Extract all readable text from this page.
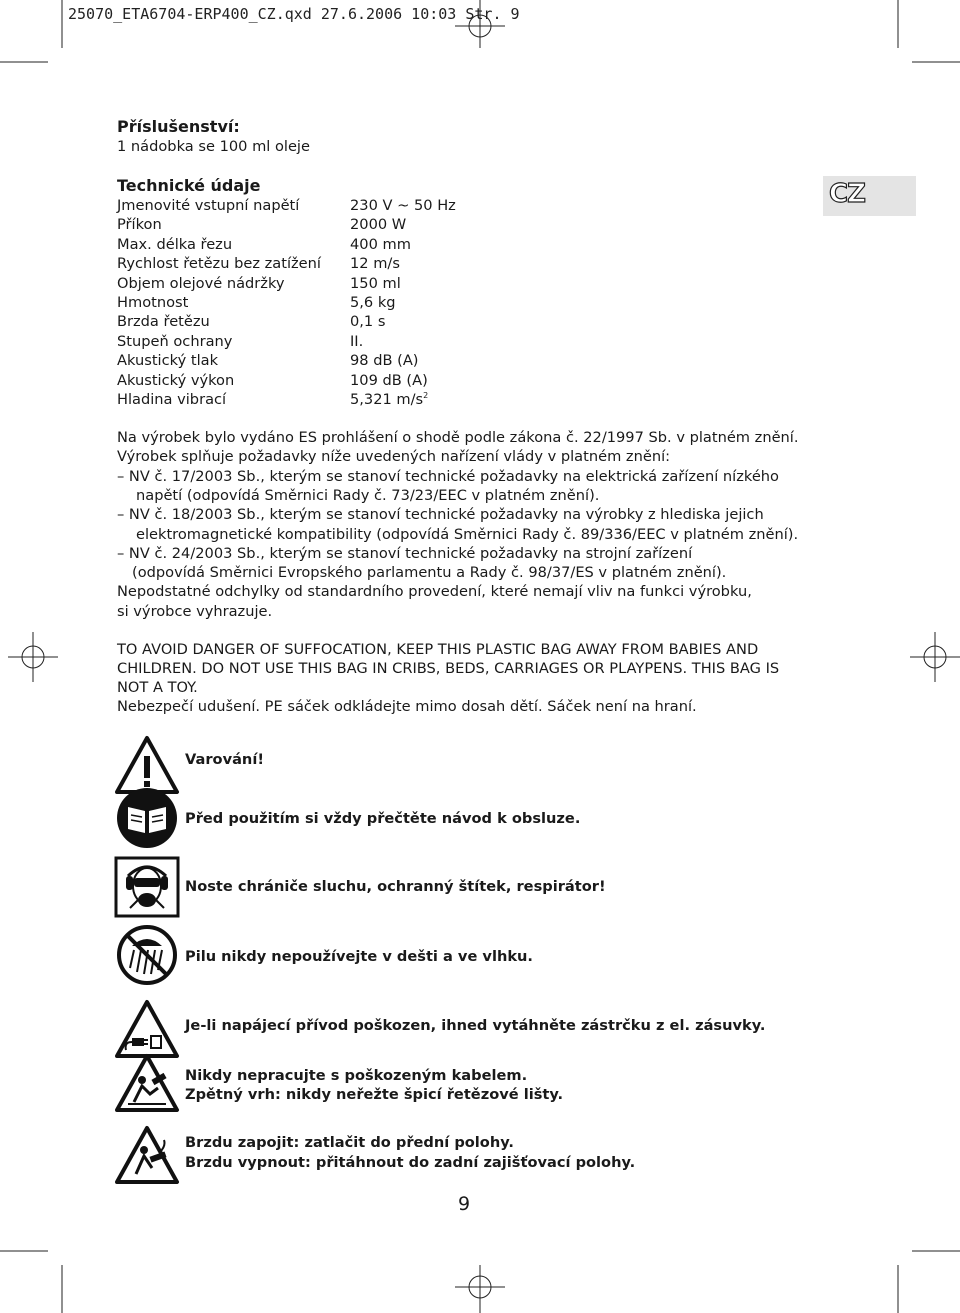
25070_ETA6704-ERP400_CZ.qxd 27.6.2006 10:03 Str. 9
CZ
Příslušenství:
1 nádobka se 100 ml oleje
Technické údaje
Jmenovité vstupní napětí	230 V ~ 50 Hz
Příkon	2000 W
Max. délka řezu	400 mm
Rychlost řetězu bez zatížení 12 m/s
Objem olejové nádržky	150 ml
Hmotnost	5,6 kg
Brzda řetězu	0,1 s
Stupeň ochrany	II.
Akustický tlak	98 dB (A)
Akustický výkon	109 dB (A)
Hladina vibrací	5,321 $m/s^2$
Na výrobek bylo vydáno ES prohlášení o shodě podle zákona č. 22/1997 Sb. v platném znění.
Výrobek splňuje požadavky níže uvedených nařízení vlády v platném znění:
– NV č. 17/2003 Sb., kterým se stanoví technické požadavky na elektrická zařízení nízkého
napětí (odpovídá Směrnici Rady č. 73/23/EEC v platném znění).
– NV č. 18/2003 Sb., kterým se stanoví technické požadavky na výrobky z hlediska jejich
elektromagnetické kompatibility (odpovídá Směrnici Rady č. 89/336/EEC v platném znění).
– NV č. 24/2003 Sb., kterým se stanoví technické požadavky na strojní zařízení
(odpovídá Směrnici Evropského parlamentu a Rady č. 98/37/ES v platném znění).
Nepodstatné odchylky od standardního provedení, které nemají vliv na funkci výrobku,
si výrobce vyhrazuje.
TO AVOID DANGER OF SUFFOCATION, KEEP THIS PLASTIC BAG AWAY FROM BABIES AND
CHILDREN. DO NOT USE THIS BAG IN CRIBS, BEDS, CARRIAGES OR PLAYPENS. THIS BAG IS
NOT A TOY.
Nebezpečí udušení. PE sáček odkládejte mimo dosah dětí. Sáček není na hraní.
Varování!
Před použitím si vždy přečtěte návod k obsluze.
Noste chrániče sluchu, ochranný štítek, respirátor!
Pilu nikdy nepoužívejte v dešti a ve vlhku.
Je-li napájecí přívod poškozen, ihned vytáhněte zástrčku z el. zásuvky.
Nikdy nepracujte s poškozeným kabelem.
Zpětný vrh: nikdy neřežte špicí řetězové lišty.
Brzdu zapojit: zatlačit do přední polohy.
Brzdu vypnout: přitáhnout do zadní zajišťovací polohy.
9
